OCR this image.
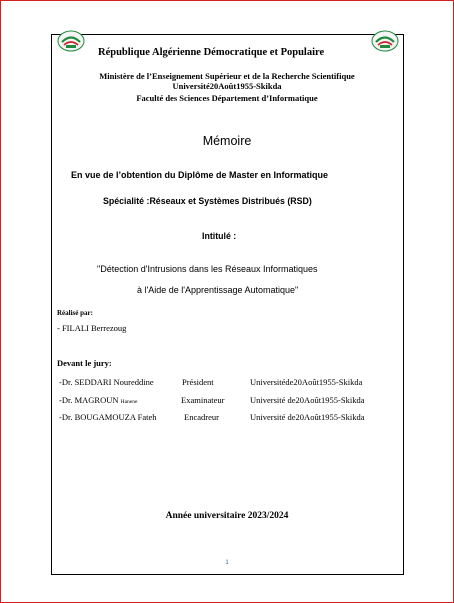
République Algérienne Démocratique et Populaire
Ministère de l’Enseignement Supérieur et de la Recherche Scientifique
Université20Août1955-Skikda
Faculté des Sciences Département d’Informatique
Mémoire
En vue de l’obtention du Diplôme de Master en Informatique
Spécialité :Réseaux et Systèmes Distribués (RSD)
Intitulé :
"Détection d'Intrusions dans les Réseaux Informatiques
à l'Aide de l'Apprentissage Automatique"
Réalisé par:
- FILALI Berrezoug
Devant le jury:
-Dr. SEDDARI Noureddine	Président	Universitéde20Août1955-Skikda
-Dr. MAGROUN Hanene	Examinateur	Université de20Août1955-Skikda
-Dr. BOUGAMOUZA Fateh	Encadreur	Université de20Août1955-Skikda
Année universitaire 2023/2024
1
